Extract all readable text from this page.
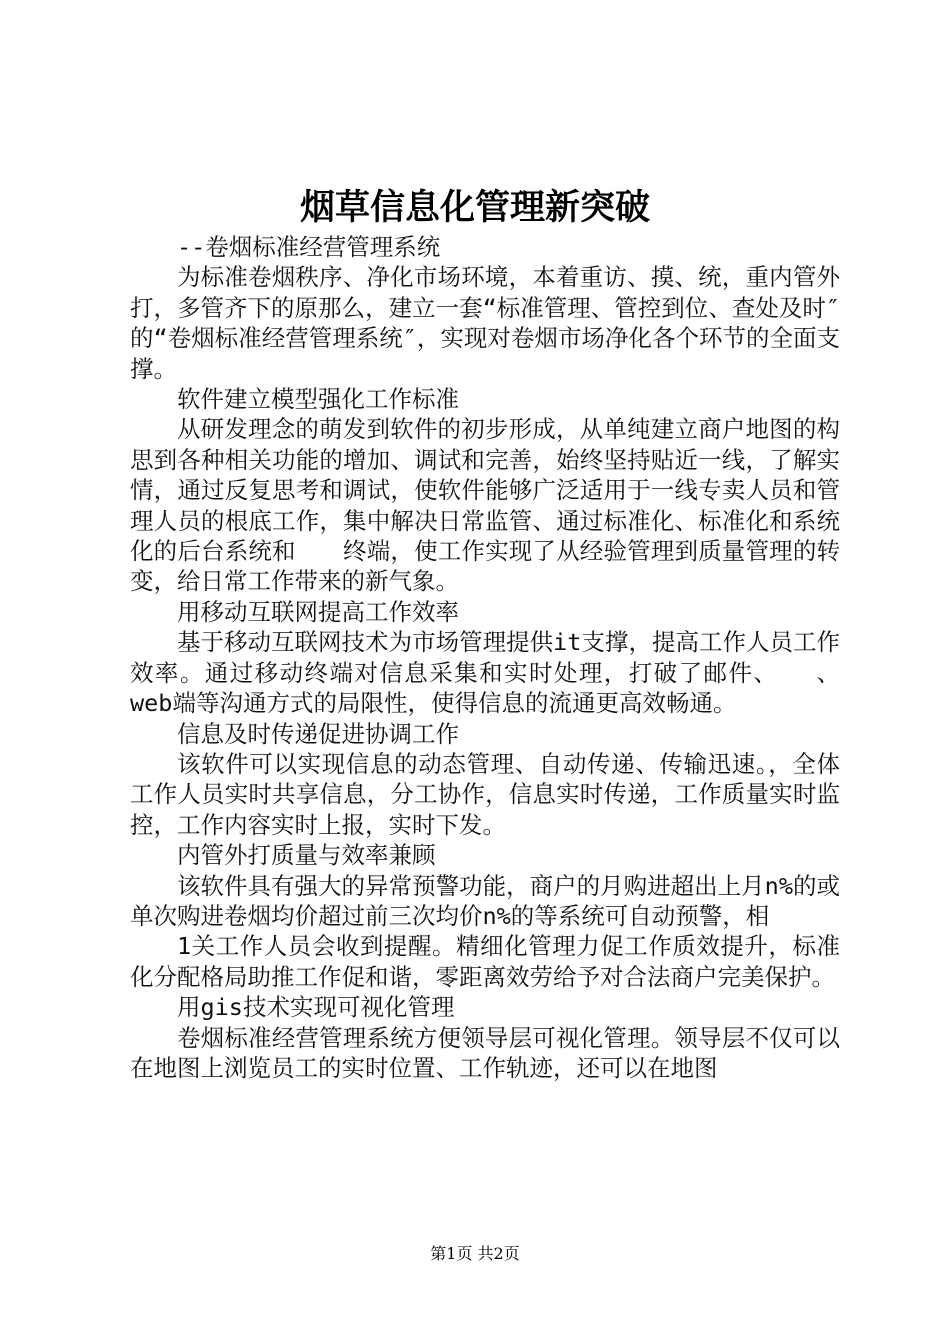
烟草信息化管理新突破

--卷烟标准经营管理系统

为标准卷烟秩序、净化市场环境，本着重访、摸、统，重内管外打，多管齐下的原那么，建立一套“标准管理、管控到位、查处及时″的“卷烟标准经营管理系统″，实现对卷烟市场净化各个环节的全面支撑。

软件建立模型强化工作标准

从研发理念的萌发到软件的初步形成，从单纯建立商户地图的构思到各种相关功能的增加、调试和完善，始终坚持贴近一线，了解实情，通过反复思考和调试，使软件能够广泛适用于一线专卖人员和管理人员的根底工作，集中解决日常监管、通过标准化、标准化和系统化的后台系统和　　终端，使工作实现了从经验管理到质量管理的转变，给日常工作带来的新气象。

用移动互联网提高工作效率

基于移动互联网技术为市场管理提供it支撑，提高工作人员工作效率。通过移动终端对信息采集和实时处理，打破了邮件、　　、web端等沟通方式的局限性，使得信息的流通更高效畅通。

信息及时传递促进协调工作

该软件可以实现信息的动态管理、自动传递、传输迅速。，全体工作人员实时共享信息，分工协作，信息实时传递，工作质量实时监控，工作内容实时上报，实时下发。

内管外打质量与效率兼顾

该软件具有强大的异常预警功能，商户的月购进超出上月n%的或单次购进卷烟均价超过前三次均价n%的等系统可自动预警，相

1关工作人员会收到提醒。精细化管理力促工作质效提升，标准化分配格局助推工作促和谐，零距离效劳给予对合法商户完美保护。

用gis技术实现可视化管理

卷烟标准经营管理系统方便领导层可视化管理。领导层不仅可以在地图上浏览员工的实时位置、工作轨迹，还可以在地图

第1页 共2页
